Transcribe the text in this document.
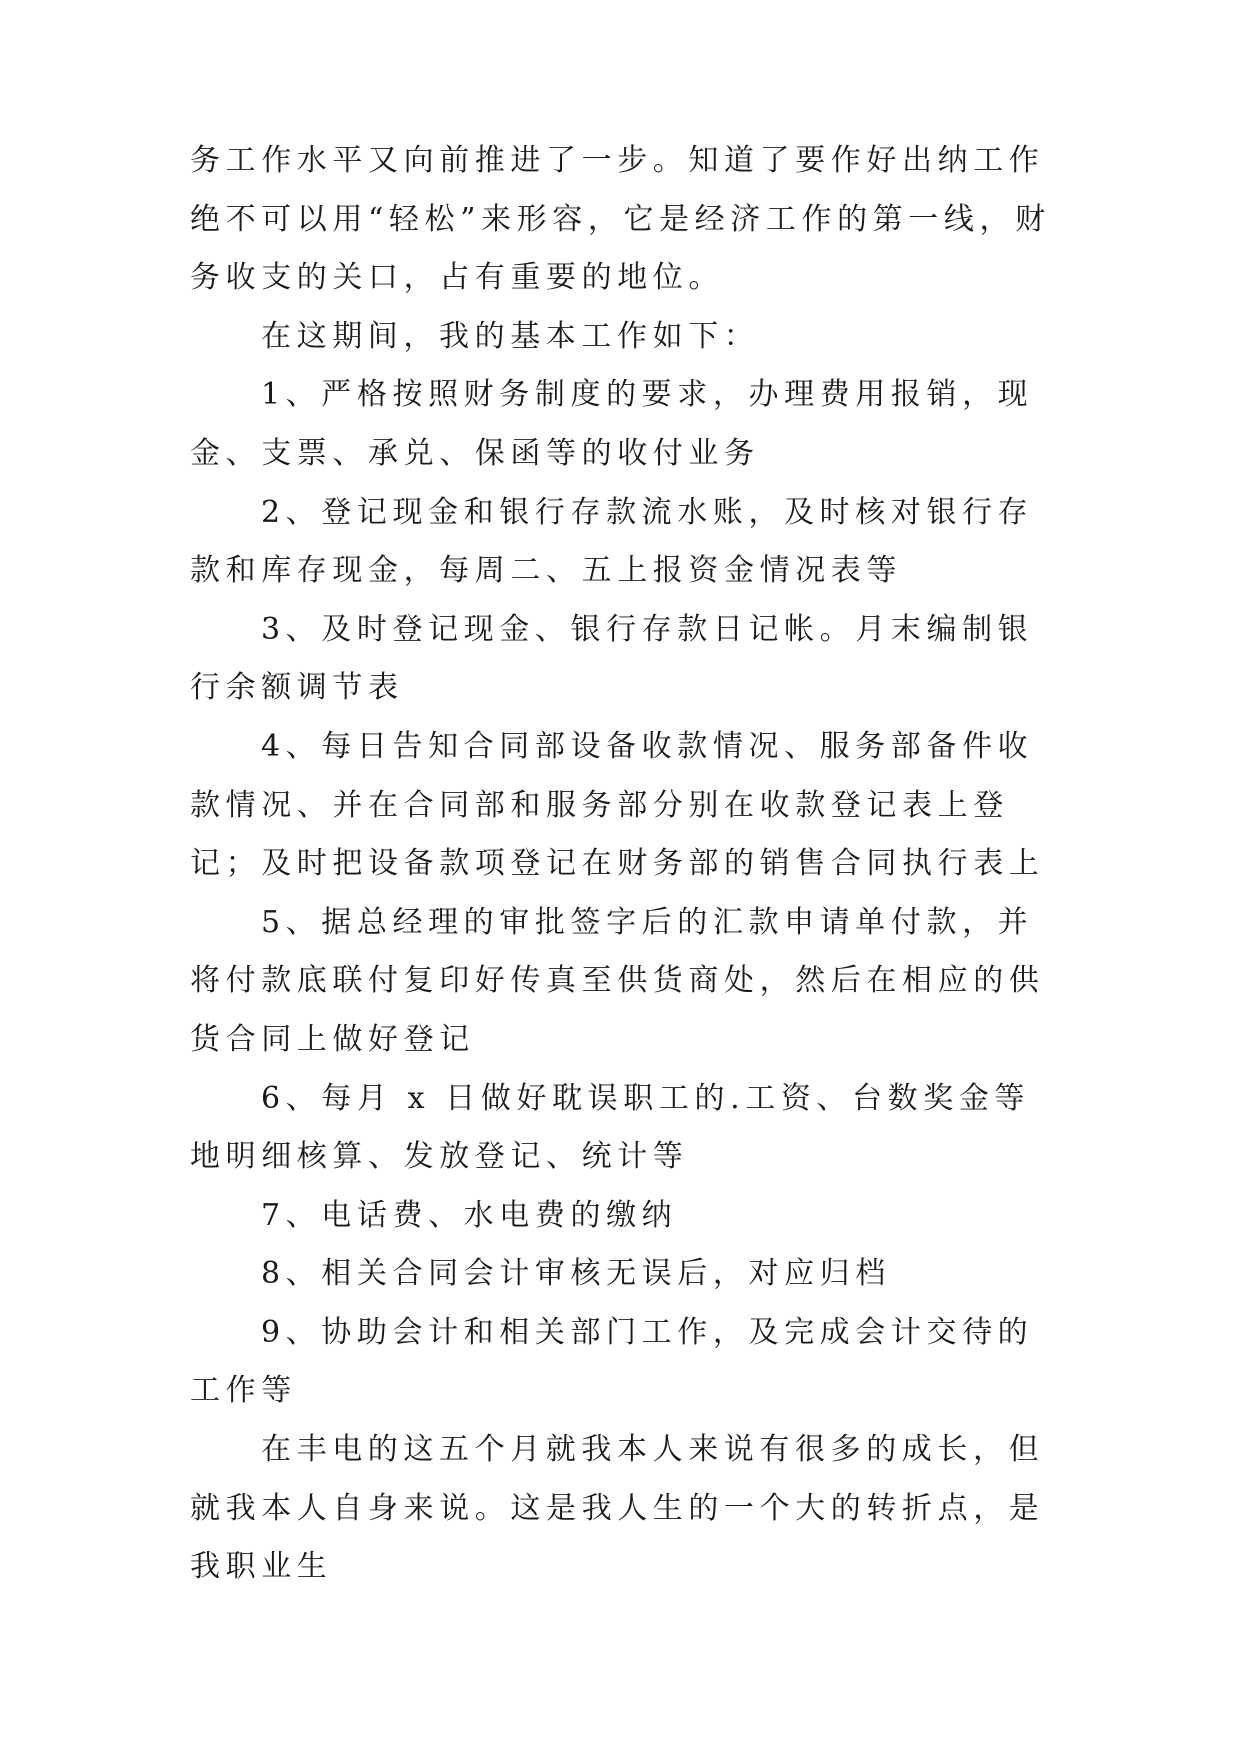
务工作水平又向前推进了一步。知道了要作好出纳工作绝不可以用“轻松”来形容，它是经济工作的第一线，财务收支的关口，占有重要的地位。

在这期间，我的基本工作如下：

1、严格按照财务制度的要求，办理费用报销，现金、支票、承兑、保函等的收付业务

2、登记现金和银行存款流水账，及时核对银行存款和库存现金，每周二、五上报资金情况表等

3、及时登记现金、银行存款日记帐。月末编制银行余额调节表

4、每日告知合同部设备收款情况、服务部备件收款情况、并在合同部和服务部分别在收款登记表上登记；及时把设备款项登记在财务部的销售合同执行表上

5、据总经理的审批签字后的汇款申请单付款，并将付款底联付复印好传真至供货商处，然后在相应的供货合同上做好登记

6、每月 x 日做好耽误职工的.工资、台数奖金等地明细核算、发放登记、统计等

7、电话费、水电费的缴纳

8、相关合同会计审核无误后，对应归档

9、协助会计和相关部门工作，及完成会计交待的工作等

在丰电的这五个月就我本人来说有很多的成长，但就我本人自身来说。这是我人生的一个大的转折点，是我职业生
